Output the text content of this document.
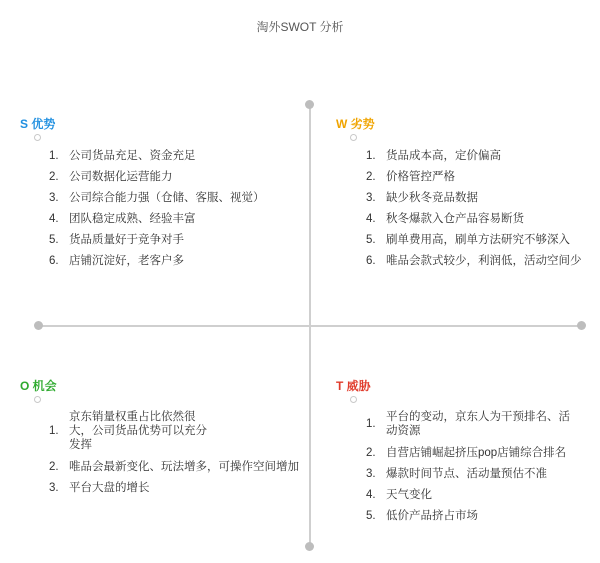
淘外SWOT 分析
S 优势
1. 公司货品充足、资金充足
2. 公司数据化运营能力
3. 公司综合能力强（仓储、客服、视觉）
4. 团队稳定成熟、经验丰富
5. 货品质量好于竞争对手
6. 店铺沉淀好，老客户多
W 劣势
1. 货品成本高，定价偏高
2. 价格管控严格
3. 缺少秋冬竞品数据
4. 秋冬爆款入仓产品容易断货
5. 刷单费用高，刷单方法研究不够深入
6. 唯品会款式较少，利润低，活动空间少
O 机会
1.
京东销量权重占比依然很大，公司货品优势可以充分发挥
2. 唯品会最新变化、玩法增多，可操作空间增加
3. 平台大盘的增长
T 威胁
1.
平台的变动，京东人为干预排名、活动资源
2. 自营店铺崛起挤压pop店铺综合排名
3. 爆款时间节点、活动量预估不准
4. 天气变化
5. 低价产品挤占市场
